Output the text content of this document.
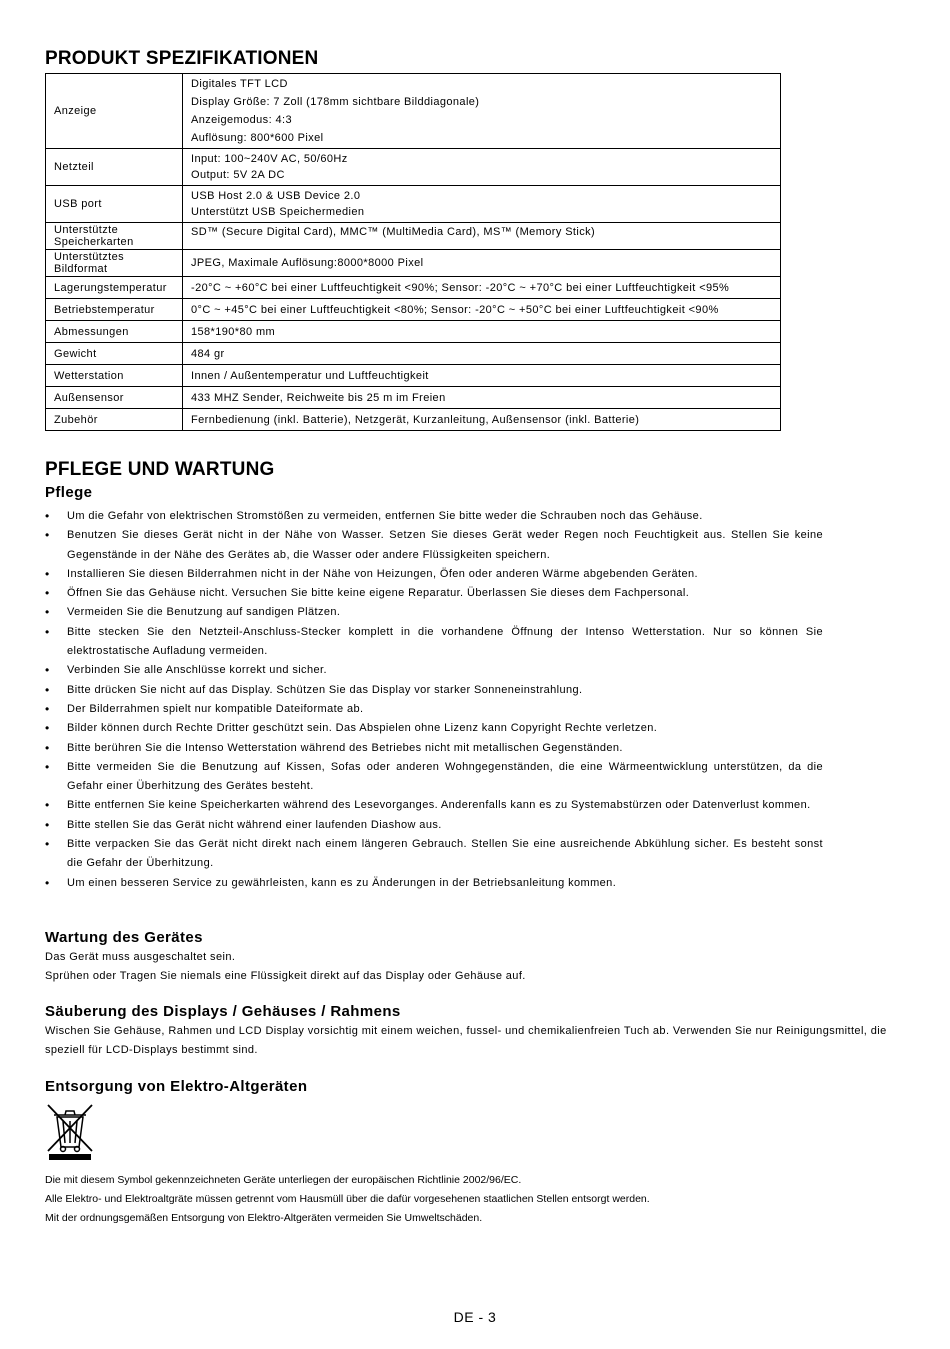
PRODUKT SPEZIFIKATIONEN
Anzeige	Digitales TFT LCD
Display Größe: 7 Zoll (178mm sichtbare Bilddiagonale)
Anzeigemodus: 4:3
Auflösung: 800*600 Pixel

Netzteil	Input: 100~240V AC, 50/60Hz
Output: 5V 2A DC

USB port	USB Host 2.0 & USB Device 2.0
Unterstützt USB Speichermedien

Unterstützte Speicherkarten	SD™ (Secure Digital Card), MMC™ (MultiMedia Card), MS™ (Memory Stick)

Unterstütztes Bildformat	JPEG, Maximale Auflösung:8000*8000 Pixel

Lagerungstemperatur	-20°C ~ +60°C bei einer Luftfeuchtigkeit <90%; Sensor: -20°C ~ +70°C bei einer Luftfeuchtigkeit <95%

Betriebstemperatur	0°C ~ +45°C bei einer Luftfeuchtigkeit <80%; Sensor: -20°C ~ +50°C bei einer Luftfeuchtigkeit <90%

Abmessungen	158*190*80 mm

Gewicht	484 gr

Wetterstation	Innen / Außentemperatur und Luftfeuchtigkeit

Außensensor	433 MHZ Sender, Reichweite bis 25 m im Freien

Zubehör	Fernbedienung (inkl. Batterie), Netzgerät, Kurzanleitung, Außensensor (inkl. Batterie)
PFLEGE UND WARTUNG
Pflege
• Um die Gefahr von elektrischen Stromstößen zu vermeiden, entfernen Sie bitte weder die Schrauben noch das Gehäuse.
• Benutzen Sie dieses Gerät nicht in der Nähe von Wasser. Setzen Sie dieses Gerät weder Regen noch Feuchtigkeit aus. Stellen Sie keine Gegenstände in der Nähe des Gerätes ab, die Wasser oder andere Flüssigkeiten speichern.
• Installieren Sie diesen Bilderrahmen nicht in der Nähe von Heizungen, Öfen oder anderen Wärme abgebenden Geräten.
• Öffnen Sie das Gehäuse nicht. Versuchen Sie bitte keine eigene Reparatur. Überlassen Sie dieses dem Fachpersonal.
• Vermeiden Sie die Benutzung auf sandigen Plätzen.
• Bitte stecken Sie den Netzteil-Anschluss-Stecker komplett in die vorhandene Öffnung der Intenso Wetterstation. Nur so können Sie elektrostatische Aufladung vermeiden.
• Verbinden Sie alle Anschlüsse korrekt und sicher.
• Bitte drücken Sie nicht auf das Display. Schützen Sie das Display vor starker Sonneneinstrahlung.
• Der Bilderrahmen spielt nur kompatible Dateiformate ab.
• Bilder können durch Rechte Dritter geschützt sein. Das Abspielen ohne Lizenz kann Copyright Rechte verletzen.
• Bitte berühren Sie die Intenso Wetterstation während des Betriebes nicht mit metallischen Gegenständen.
• Bitte vermeiden Sie die Benutzung auf Kissen, Sofas oder anderen Wohngegenständen, die eine Wärmeentwicklung unterstützen, da die Gefahr einer Überhitzung des Gerätes besteht.
• Bitte entfernen Sie keine Speicherkarten während des Lesevorganges. Anderenfalls kann es zu Systemabstürzen oder Datenverlust kommen.
• Bitte stellen Sie das Gerät nicht während einer laufenden Diashow aus.
• Bitte verpacken Sie das Gerät nicht direkt nach einem längeren Gebrauch. Stellen Sie eine ausreichende Abkühlung sicher. Es besteht sonst die Gefahr der Überhitzung.
• Um einen besseren Service zu gewährleisten, kann es zu Änderungen in der Betriebsanleitung kommen.
Wartung des Gerätes

Das Gerät muss ausgeschaltet sein.

Sprühen oder Tragen Sie niemals eine Flüssigkeit direkt auf das Display oder Gehäuse auf.

Säuberung des Displays / Gehäuses / Rahmens

Wischen Sie Gehäuse, Rahmen und LCD Display vorsichtig mit einem weichen, fussel- und chemikalienfreien Tuch ab. Verwenden Sie nur Reinigungsmittel, die speziell für LCD-Displays bestimmt sind.

Entsorgung von Elektro-Altgeräten

Die mit diesem Symbol gekennzeichneten Geräte unterliegen der europäischen Richtlinie 2002/96/EC.

Alle Elektro- und Elektroaltgräte müssen getrennt vom Hausmüll über die dafür vorgesehenen staatlichen Stellen entsorgt werden.

Mit der ordnungsgemäßen Entsorgung von Elektro-Altgeräten vermeiden Sie Umweltschäden.

DE - 3
